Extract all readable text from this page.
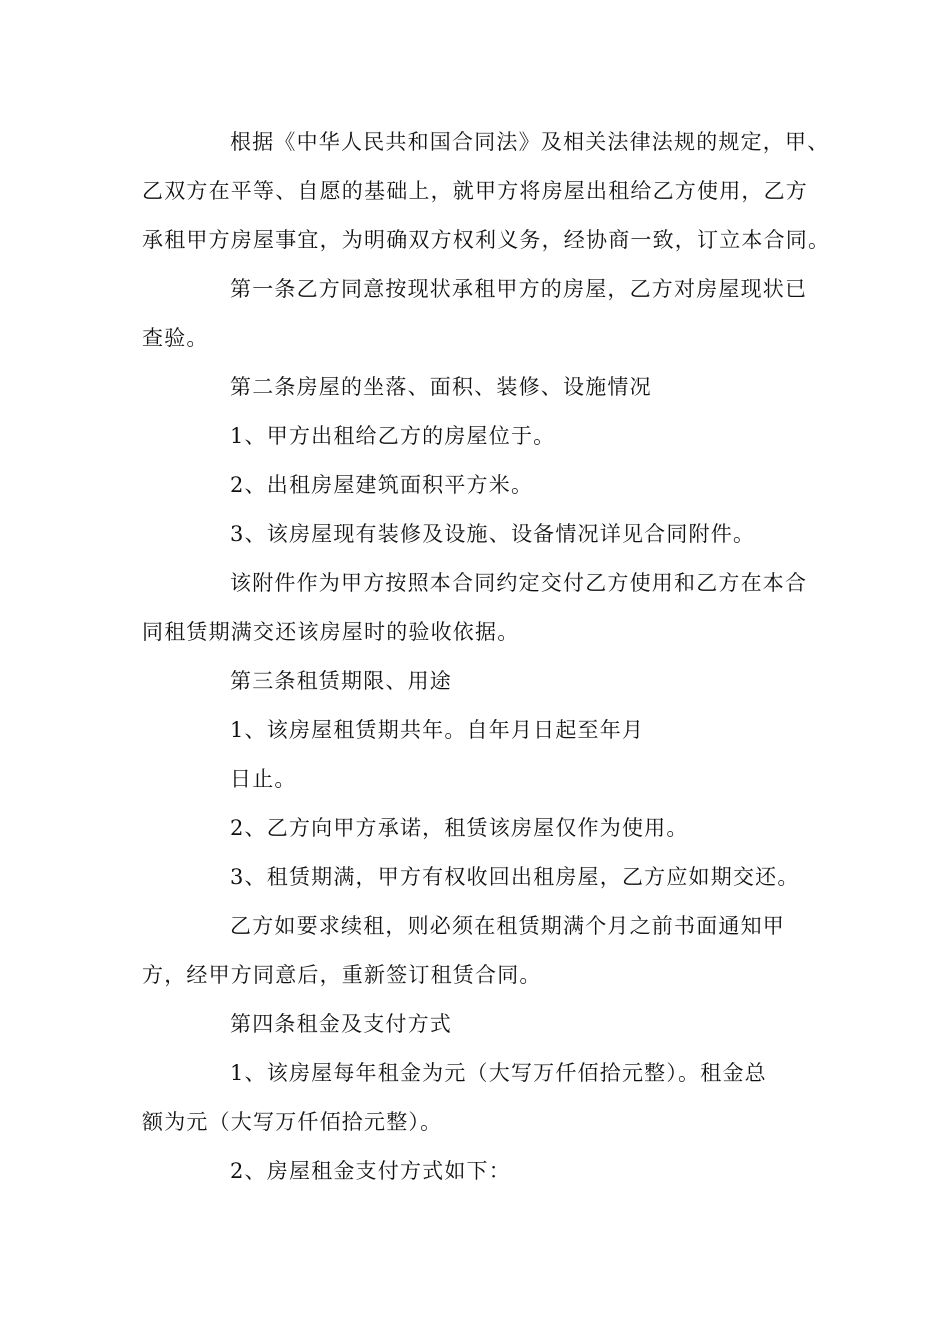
根据《中华人民共和国合同法》及相关法律法规的规定，甲、
乙双方在平等、自愿的基础上，就甲方将房屋出租给乙方使用，乙方
承租甲方房屋事宜，为明确双方权利义务，经协商一致，订立本合同。
第一条乙方同意按现状承租甲方的房屋，乙方对房屋现状已
查验。
第二条房屋的坐落、面积、装修、设施情况
1、甲方出租给乙方的房屋位于。
2、出租房屋建筑面积平方米。
3、该房屋现有装修及设施、设备情况详见合同附件。
该附件作为甲方按照本合同约定交付乙方使用和乙方在本合
同租赁期满交还该房屋时的验收依据。
第三条租赁期限、用途
1、该房屋租赁期共年。自年月日起至年月
日止。
2、乙方向甲方承诺，租赁该房屋仅作为使用。
3、租赁期满，甲方有权收回出租房屋，乙方应如期交还。
乙方如要求续租，则必须在租赁期满个月之前书面通知甲
方，经甲方同意后，重新签订租赁合同。
第四条租金及支付方式
1、该房屋每年租金为元（大写万仟佰拾元整）。租金总
额为元（大写万仟佰拾元整）。
2、房屋租金支付方式如下：
